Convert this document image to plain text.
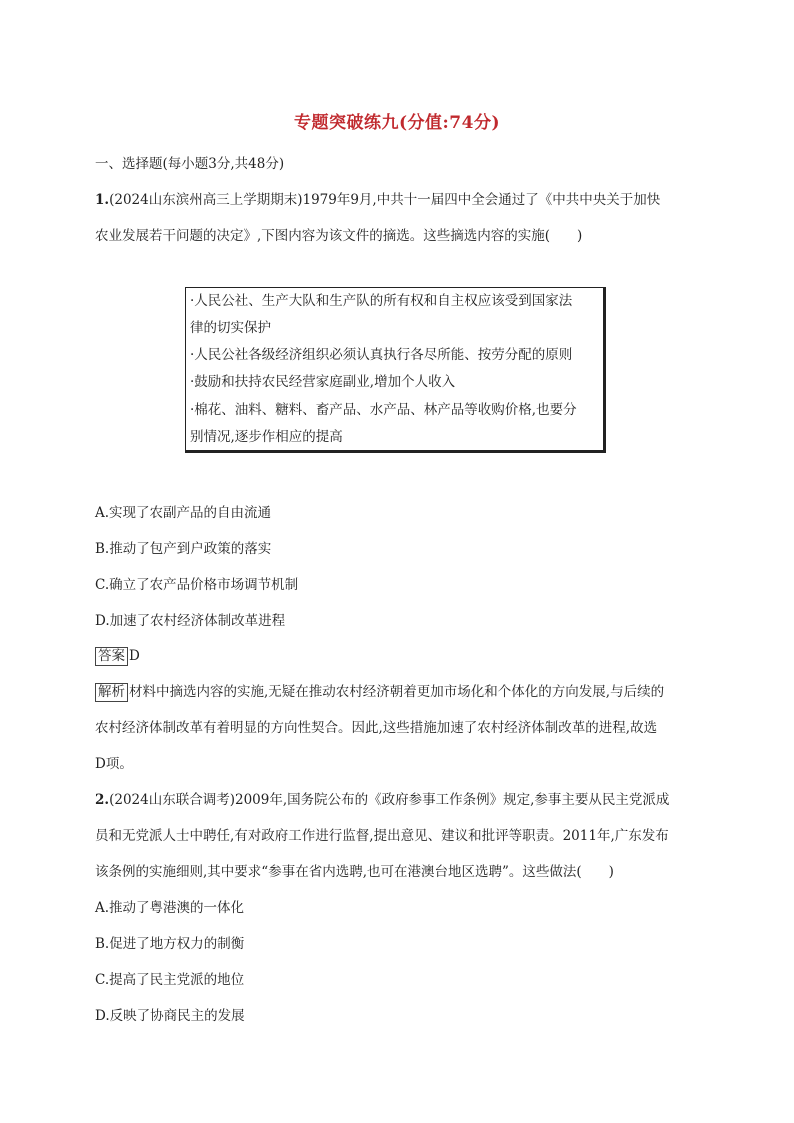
专题突破练九(分值:74分)
一、选择题(每小题3分,共48分)
1.(2024山东滨州高三上学期期末)1979年9月,中共十一届四中全会通过了《中共中央关于加快
农业发展若干问题的决定》,下图内容为该文件的摘选。这些摘选内容的实施(　　)
·人民公社、生产大队和生产队的所有权和自主权应该受到国家法
律的切实保护
·人民公社各级经济组织必须认真执行各尽所能、按劳分配的原则
·鼓励和扶持农民经营家庭副业,增加个人收入
·棉花、油料、糖料、畜产品、水产品、林产品等收购价格,也要分
别情况,逐步作相应的提高
A.实现了农副产品的自由流通
B.推动了包产到户政策的落实
C.确立了农产品价格市场调节机制
D.加速了农村经济体制改革进程
答案 D
解析 材料中摘选内容的实施,无疑在推动农村经济朝着更加市场化和个体化的方向发展,与后续的
农村经济体制改革有着明显的方向性契合。因此,这些措施加速了农村经济体制改革的进程,故选
D项。
2.(2024山东联合调考)2009年,国务院公布的《政府参事工作条例》规定,参事主要从民主党派成
员和无党派人士中聘任,有对政府工作进行监督,提出意见、建议和批评等职责。2011年,广东发布
该条例的实施细则,其中要求“参事在省内选聘,也可在港澳台地区选聘”。这些做法(　　)
A.推动了粤港澳的一体化
B.促进了地方权力的制衡
C.提高了民主党派的地位
D.反映了协商民主的发展
